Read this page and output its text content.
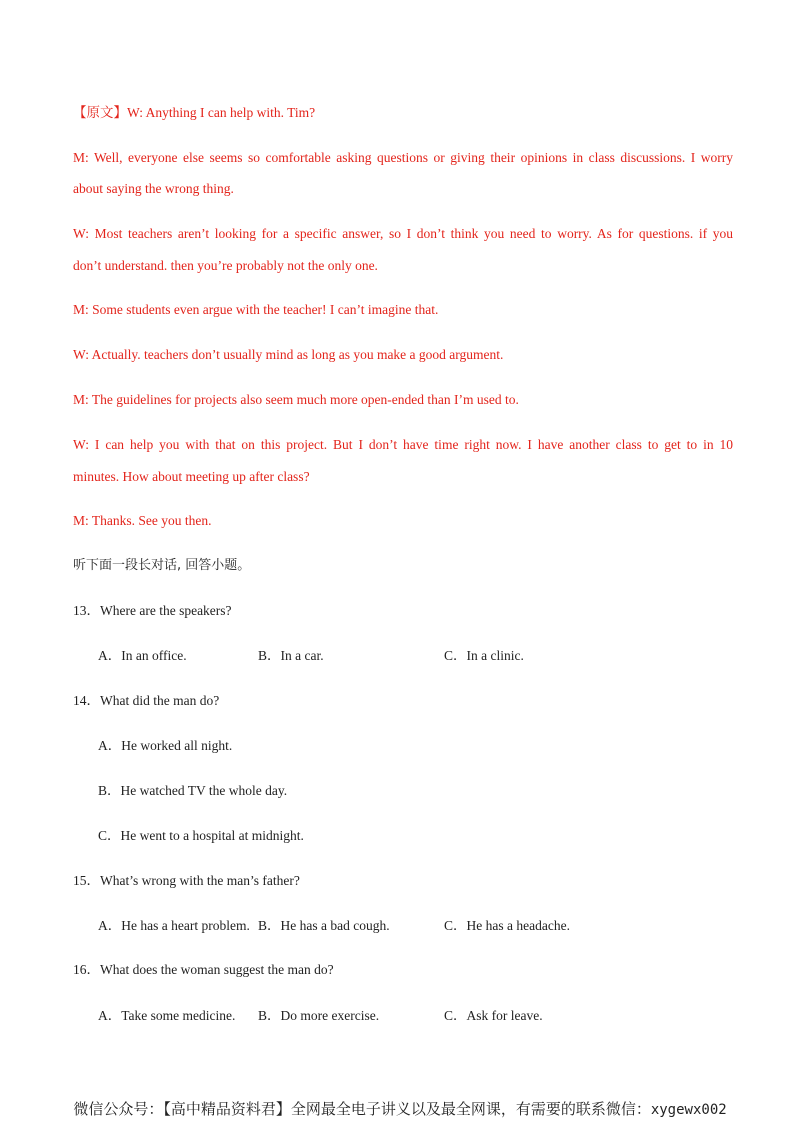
【原文】W: Anything I can help with. Tim?
M: Well, everyone else seems so comfortable asking questions or giving their opinions in class discussions. I worry
about saying the wrong thing.
W: Most teachers aren’t looking for a specific answer, so I don’t think you need to worry. As for questions. if you
don’t understand. then you’re probably not the only one.
M: Some students even argue with the teacher! I can’t imagine that.
W: Actually. teachers don’t usually mind as long as you make a good argument.
M: The guidelines for projects also seem much more open-ended than I’m used to.
W: I can help you with that on this project. But I don’t have time right now. I have another class to get to in 10
minutes. How about meeting up after class?
M: Thanks. See you then.
听下面一段长对话, 回答小题。
13．Where are the speakers?
A．In an office.	B．In a car.	C．In a clinic.
14．What did the man do?
A．He worked all night.
B．He watched TV the whole day.
C．He went to a hospital at midnight.
15．What’s wrong with the man’s father?
A．He has a heart problem. B．He has a bad cough.	C．He has a headache.
16．What does the woman suggest the man do?
A．Take some medicine. B．Do more exercise.	C．Ask for leave.
微信公众号：【高中精品资料君】全网最全电子讲义以及最全网课，有需要的联系微信：xygewx002
